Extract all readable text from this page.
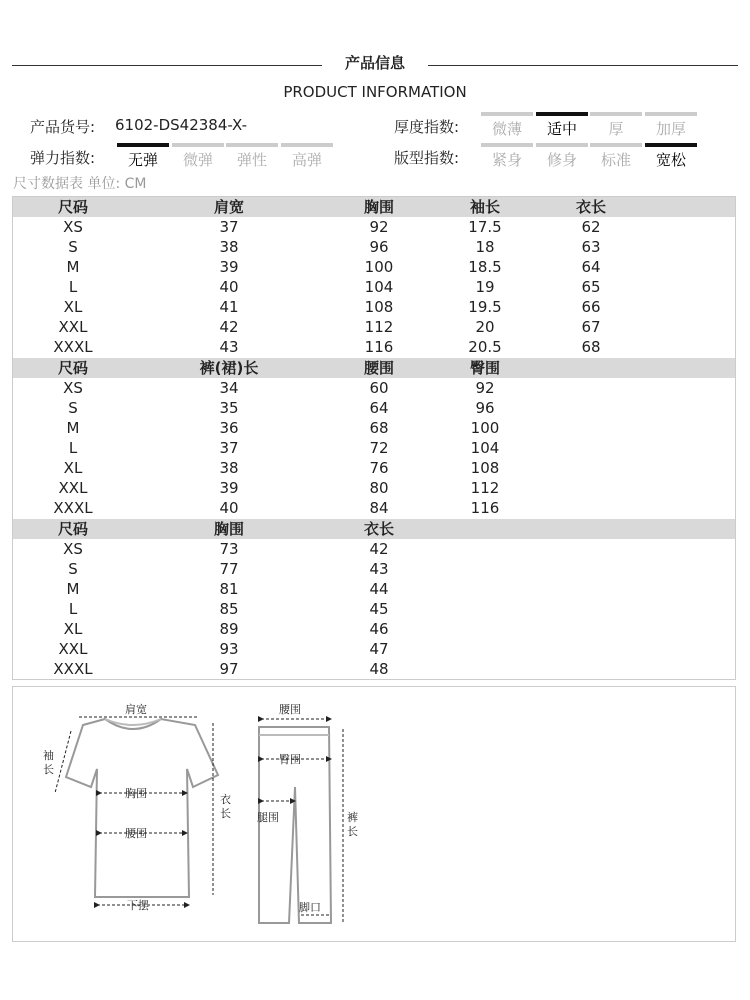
产品信息
PRODUCT INFORMATION
产品货号: 6102-DS42384-X-	厚度指数:	微薄	适中	厚	加厚
弹力指数:	无弹	微弹	弹性	高弹	版型指数:	紧身	修身	标准	宽松
尺寸数据表 单位: CM
尺码	肩宽	胸围	袖长	衣长
XS	37	92	17.5	62
S	38	96	18	63
M	39	100	18.5	64
L	40	104	19	65
XL	41	108	19.5	66
XXL	42	112	20	67
XXXL	43	116	20.5	68
尺码	裤(裙)长	腰围	臀围
XS	34	60	92
S	35	64	96
M	36	68	100
L	37	72	104
XL	38	76	108
XXL	39	80	112
XXXL	40	84	116
尺码	胸围	衣长
XS	73	42
S	77	43
M	81	44
L	85	45
XL	89	46
XXL	93	47
XXXL	97	48
肩宽
袖
长
胸围
腰围
衣
长
下摆
腰围
臀围
腿围	裤
长
脚口
